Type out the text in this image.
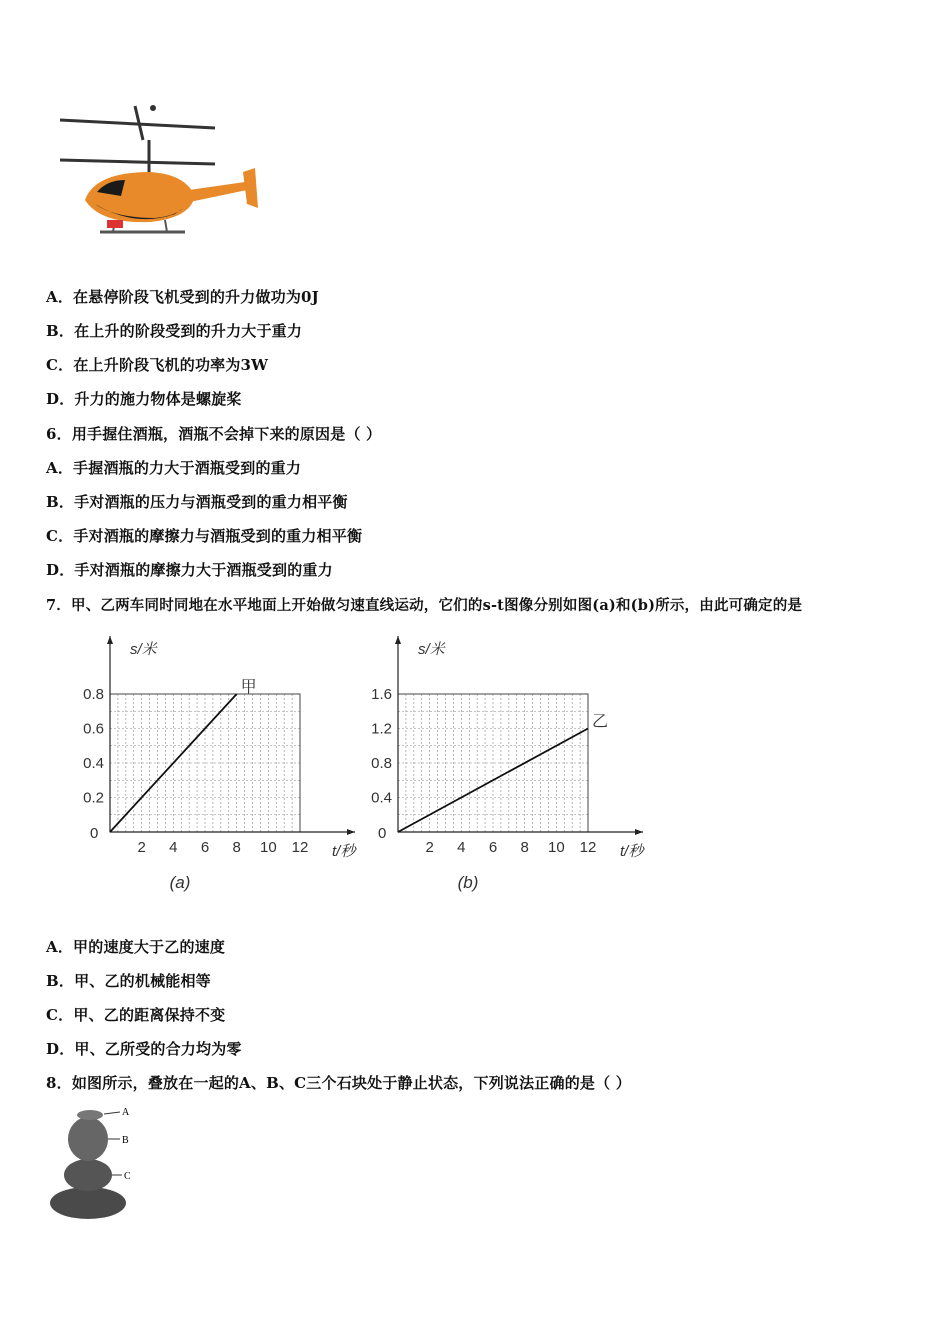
A．在悬停阶段飞机受到的升力做功为0J
B．在上升的阶段受到的升力大于重力
C．在上升阶段飞机的功率为3W
D．升力的施力物体是螺旋桨
6．用手握住酒瓶，酒瓶不会掉下来的原因是（ ）
A．手握酒瓶的力大于酒瓶受到的重力
B．手对酒瓶的压力与酒瓶受到的重力相平衡
C．手对酒瓶的摩擦力与酒瓶受到的重力相平衡
D．手对酒瓶的摩擦力大于酒瓶受到的重力
7．甲、乙两车同时同地在水平地面上开始做匀速直线运动，它们的s-t图像分别如图(a)和(b)所示，由此可确定的是
s/米
t/秒
0
2 4 6 8 10 12
0.2
0.4
0.6
0.8	甲
(a)
s/米
t/秒
0
2 4 6 8 10 12
0.4
0.8
1.2
1.6
乙
(b)
A．甲的速度大于乙的速度
B．甲、乙的机械能相等
C．甲、乙的距离保持不变
D．甲、乙所受的合力均为零
8．如图所示，叠放在一起的A、B、C三个石块处于静止状态，下列说法正确的是（ ）
A
B
C
